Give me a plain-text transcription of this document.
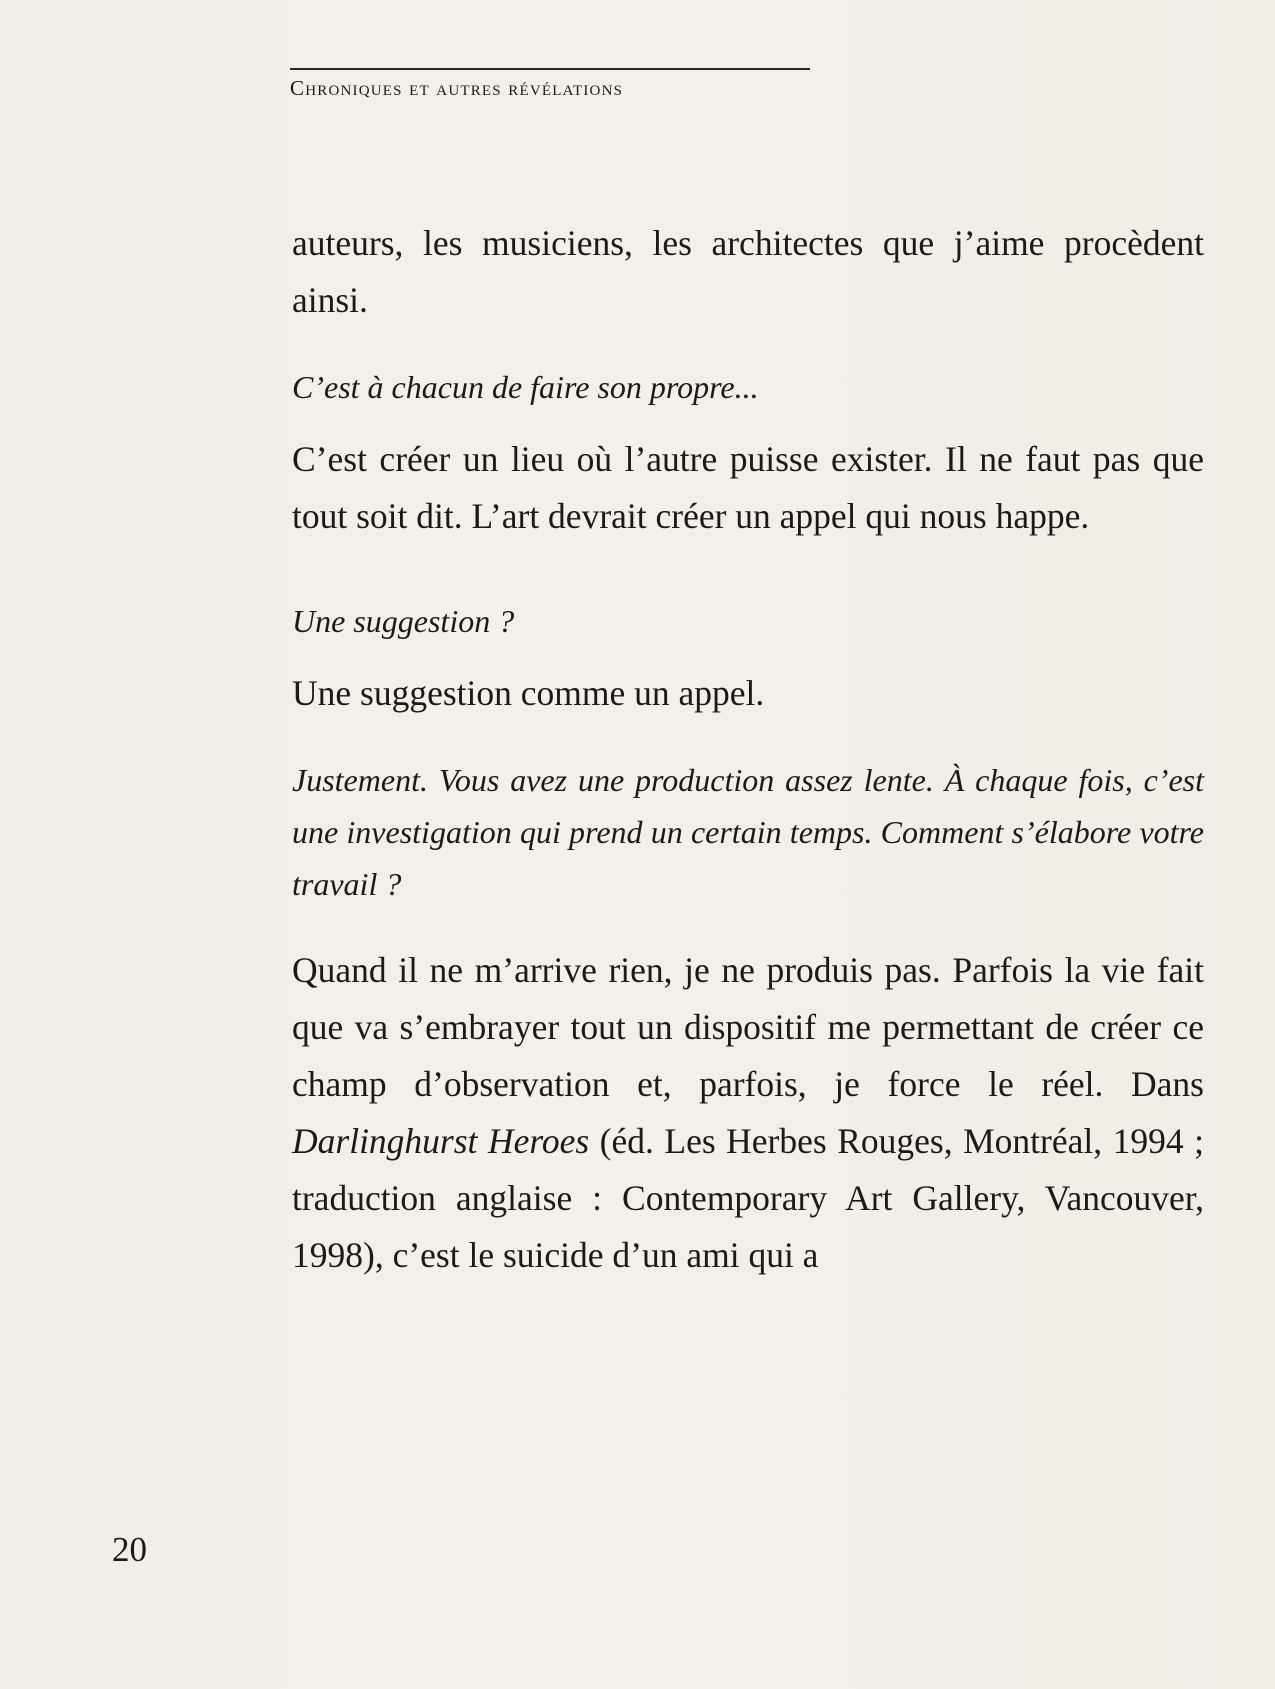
Chroniques et autres révélations

auteurs, les musiciens, les architectes que j’aime procèdent ainsi.

C’est à chacun de faire son propre...

C’est créer un lieu où l’autre puisse exister. Il ne faut pas que tout soit dit. L’art devrait créer un appel qui nous happe.

Une suggestion ?

Une suggestion comme un appel.

Justement. Vous avez une production assez lente. À chaque fois, c’est une investigation qui prend un certain temps. Comment s’élabore votre travail ?

Quand il ne m’arrive rien, je ne produis pas. Parfois la vie fait que va s’embrayer tout un dispositif me permettant de créer ce champ d’observation et, parfois, je force le réel. Dans Darlinghurst Heroes (éd. Les Herbes Rouges, Montréal, 1994 ; traduction anglaise : Contemporary Art Gallery, Vancouver, 1998), c’est le suicide d’un ami qui a

20
